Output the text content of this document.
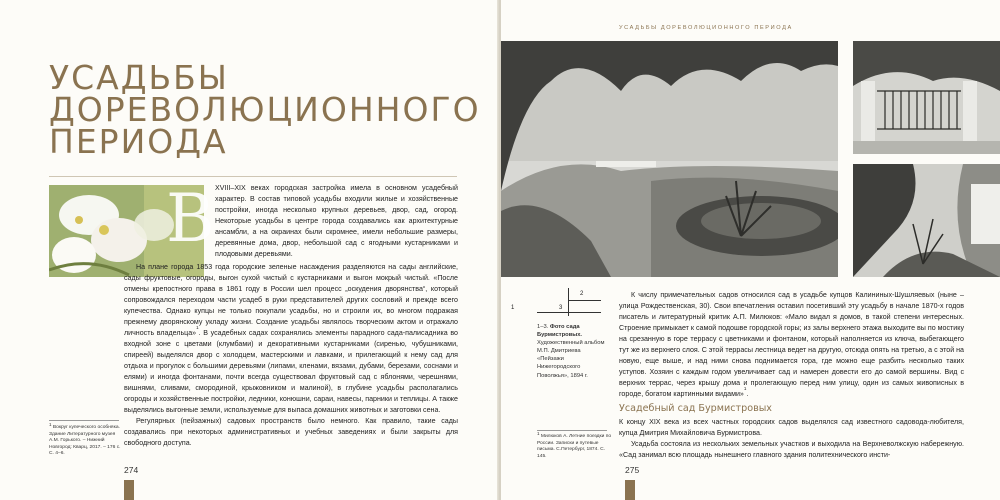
УСАДЬБЫ
ДОРЕВОЛЮЦИОННОГО
ПЕРИОДА
В XVIII–XIX веках городская застройка имела в основном усадебный характер. В состав типовой усадьбы входили жилые и хозяйственные постройки, иногда несколько крупных деревьев, двор, сад, огород. Некоторые усадьбы в центре города создавались как архитектурные ансамбли, а на окраинах были скромнее, имели небольшие размеры, деревянные дома, двор, небольшой сад с ягодными кустарниками и плодовыми деревьями.

На плане города 1853 года городские зеленые насаждения разделяются на сады английские, сады фруктовые, огороды, выгон сухой чистый с кустарниками и выгон мокрый чистый. «После отмены крепостного права в 1861 году в России шел процесс „оскудения дворянства“, который сопровождался переходом части усадеб в руки представителей других сословий и прежде всего купечества. Однако купцы не только покупали усадьбы, но и строили их, во многом подражая прежнему дворянскому укладу жизни. Создание усадьбы являлось творческим актом и отражало личность владельца»$^1$. В усадебных садах сохранялись элементы парадного сада-палисадника во входной зоне с цветами (клумбами) и декоративными кустарниками (сиренью, чубушниками, спиреей) выделялся двор с холодцем, мастерскими и лавками, и прилегающий к нему сад для отдыха и прогулок с большими деревьями (липами, кленами, вязами, дубами, березами, соснами и елями) и иногда фонтанами, почти всегда существовал фруктовый сад с яблонями, черешнями, вишнями, сливами, смородиной, крыжовником и малиной), в глубине усадьбы располагались огороды и хозяйственные постройки, ледники, конюшни, сараи, навесы, парники и теплицы. А также выделялись выгонные земли, используемые для выпаса домашних животных и заготовки сена.

Регулярных (пейзажных) садовых пространств было немного. Как правило, такие сады создавались при некоторых административных и учебных заведениях и были закрыты для свободного доступа.

$^1$ Вокруг купеческого особняка. Здание Литературного музея А.М. Горького. – Нижний Новгород: Кварц, 2017. – 176 с. С. 4–6.

274
УСАДЬБЫ ДОРЕВОЛЮЦИОННОГО ПЕРИОДА
1
2
3

1–3. Фото сада Бурмистровых. Художественный альбом М.П. Дмитриева «Пейзажи Нижегородского Поволжья», 1894 г.

К числу примечательных садов относился сад в усадьбе купцов Калининых-Шушляевых (ныне – улица Рождественская, 30). Свои впечатления оставил посетивший эту усадьбу в начале 1870-х годов писатель и литературный критик А.П. Милюков: «Мало видал я домов, в такой степени интересных. Строение примыкает к самой подошве городской горы; из залы верхнего этажа выходите вы по мостику на срезанную в горе террасу с цветниками и фонтаном, который наполняется из ключа, выбегающего тут же из верхнего слоя. С этой террасы лестница ведет на другую, отсюда опять на третью, а с этой на новую, еще выше, и над ними снова поднимается гора, где можно еще разбить несколько таких уступов. Хозяин с каждым годом увеличивает сад и намерен довести его до самой вершины. Вид с верхних террас, через крышу дома и пролегающую перед ним улицу, один из самых живописных в городе, богатом картинными видами»$^1$.

Усадебный сад Бурмистровых

К концу XIX века из всех частных городских садов выделялся сад известного садовода-любителя, купца Дмитрия Михайловича Бурмистрова.

Усадьба состояла из нескольких земельных участков и выходила на Верхневолжскую набережную. «Сад занимал всю площадь нынешнего главного здания политехнического инсти-

$^1$ Милюков А. Летние поездки по России. Записки и путевые письма. С.Петербург, 1874. С. 145.

275
